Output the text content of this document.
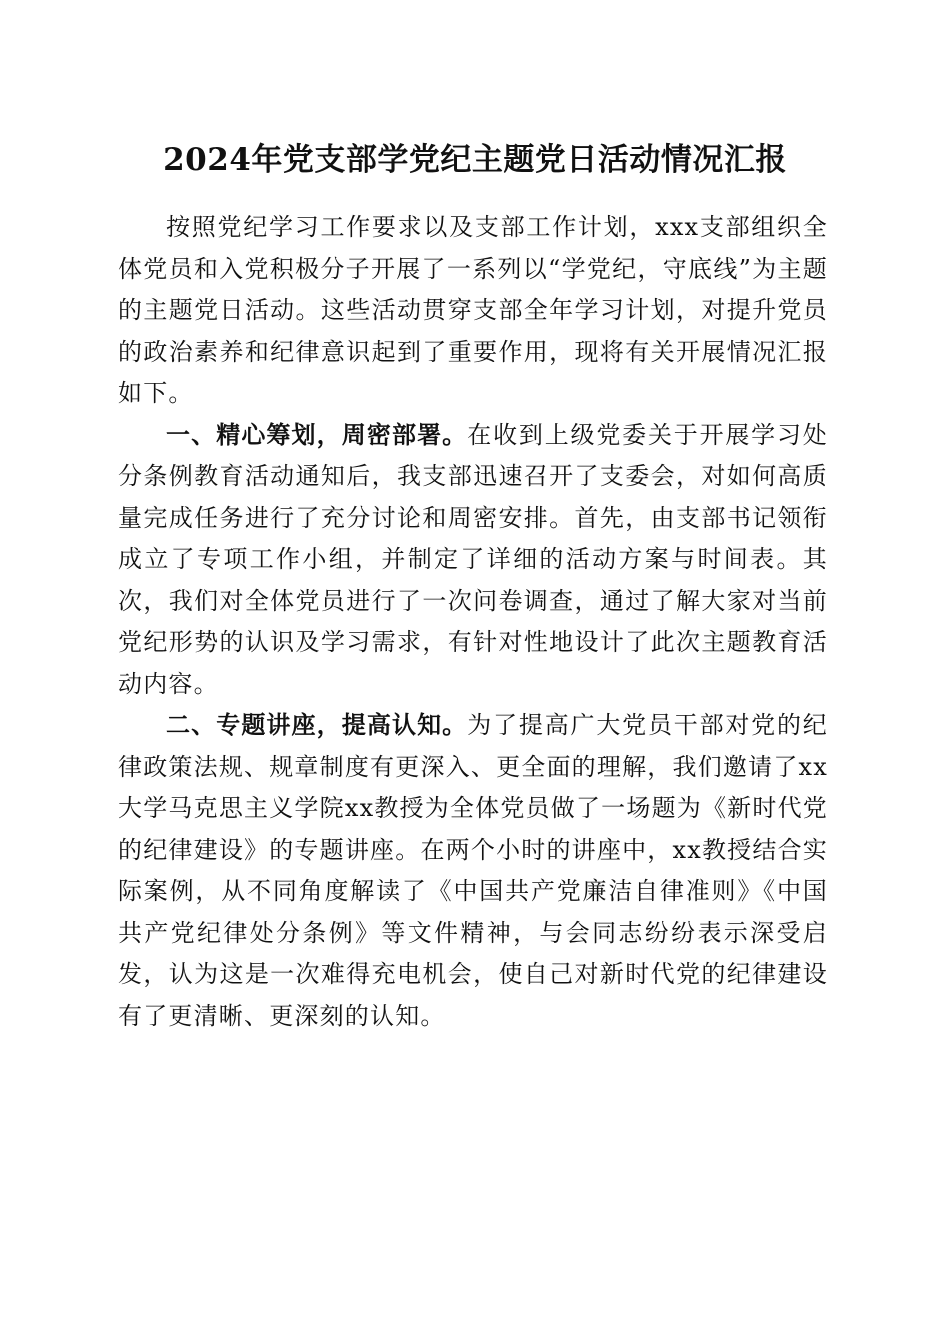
2024年党支部学党纪主题党日活动情况汇报

按照党纪学习工作要求以及支部工作计划，xxx支部组织全体党员和入党积极分子开展了一系列以“学党纪，守底线”为主题的主题党日活动。这些活动贯穿支部全年学习计划，对提升党员的政治素养和纪律意识起到了重要作用，现将有关开展情况汇报如下。

一、精心筹划，周密部署。在收到上级党委关于开展学习处分条例教育活动通知后，我支部迅速召开了支委会，对如何高质量完成任务进行了充分讨论和周密安排。首先，由支部书记领衔成立了专项工作小组，并制定了详细的活动方案与时间表。其次，我们对全体党员进行了一次问卷调查，通过了解大家对当前党纪形势的认识及学习需求，有针对性地设计了此次主题教育活动内容。

二、专题讲座，提高认知。为了提高广大党员干部对党的纪律政策法规、规章制度有更深入、更全面的理解，我们邀请了xx大学马克思主义学院xx教授为全体党员做了一场题为《新时代党的纪律建设》的专题讲座。在两个小时的讲座中，xx教授结合实际案例，从不同角度解读了《中国共产党廉洁自律准则》《中国共产党纪律处分条例》等文件精神，与会同志纷纷表示深受启发，认为这是一次难得充电机会，使自己对新时代党的纪律建设有了更清晰、更深刻的认知。
